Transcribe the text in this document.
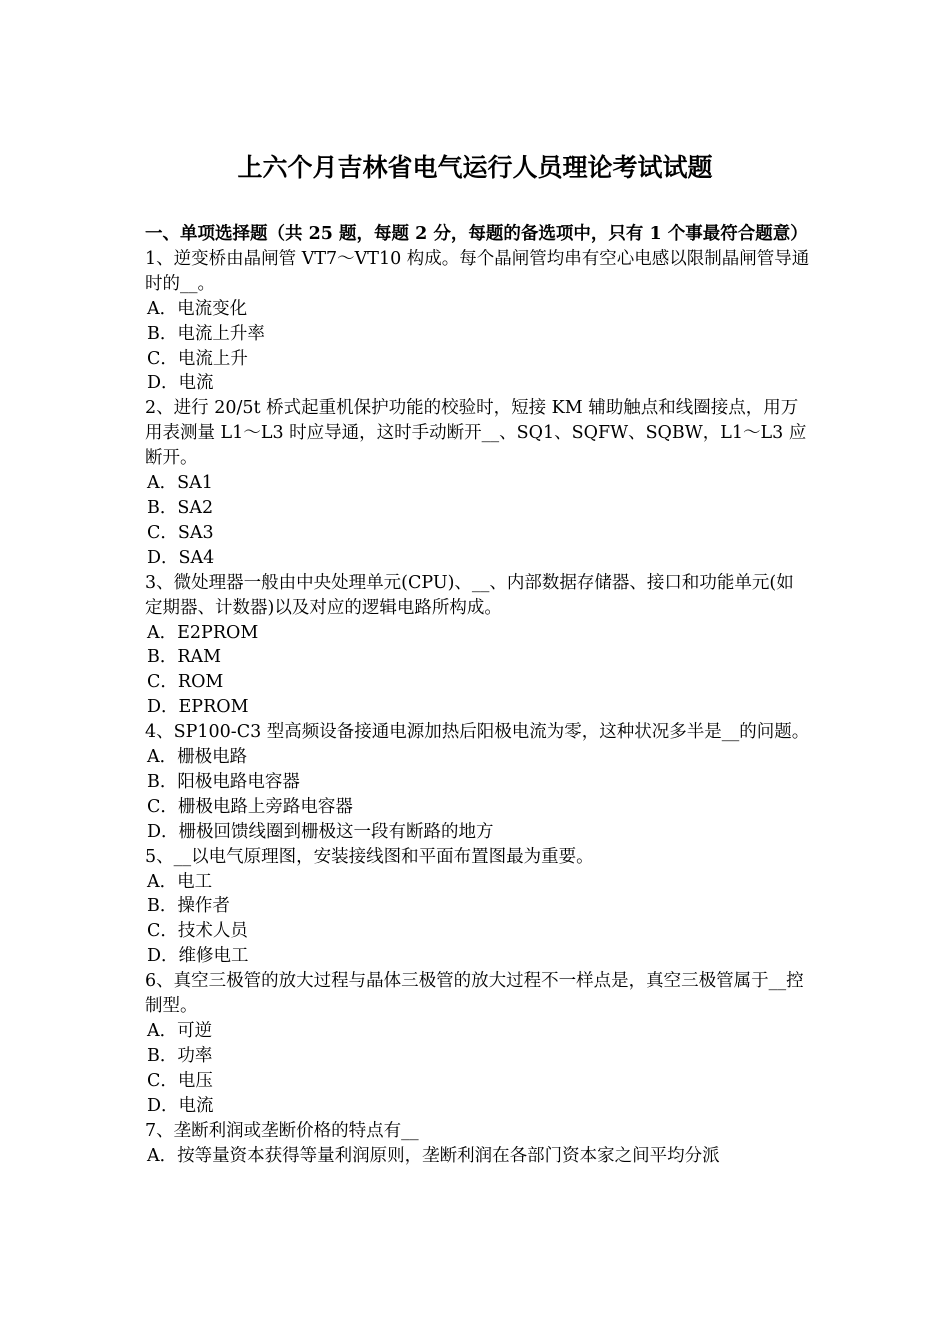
上六个月吉林省电气运行人员理论考试试题
一、单项选择题（共 25 题，每题 2 分，每题的备选项中，只有 1 个事最符合题意）
1、逆变桥由晶闸管 VT7～VT10 构成。每个晶闸管均串有空心电感以限制晶闸管导通时的__。
A．电流变化
B．电流上升率
C．电流上升
D．电流
2、进行 20/5t 桥式起重机保护功能的校验时，短接 KM 辅助触点和线圈接点，用万用表测量 L1～L3 时应导通，这时手动断开__、SQ1、SQFW、SQBW，L1～L3 应断开。
A．SA1
B．SA2
C．SA3
D．SA4
3、微处理器一般由中央处理单元(CPU)、__、内部数据存储器、接口和功能单元(如定期器、计数器)以及对应的逻辑电路所构成。
A．E2PROM
B．RAM
C．ROM
D．EPROM
4、SP100-C3 型高频设备接通电源加热后阳极电流为零，这种状况多半是__的问题。
A．栅极电路
B．阳极电路电容器
C．栅极电路上旁路电容器
D．栅极回馈线圈到栅极这一段有断路的地方
5、__以电气原理图，安装接线图和平面布置图最为重要。
A．电工
B．操作者
C．技术人员
D．维修电工
6、真空三极管的放大过程与晶体三极管的放大过程不一样点是，真空三极管属于__控制型。
A．可逆
B．功率
C．电压
D．电流
7、垄断利润或垄断价格的特点有__
A．按等量资本获得等量利润原则，垄断利润在各部门资本家之间平均分派
